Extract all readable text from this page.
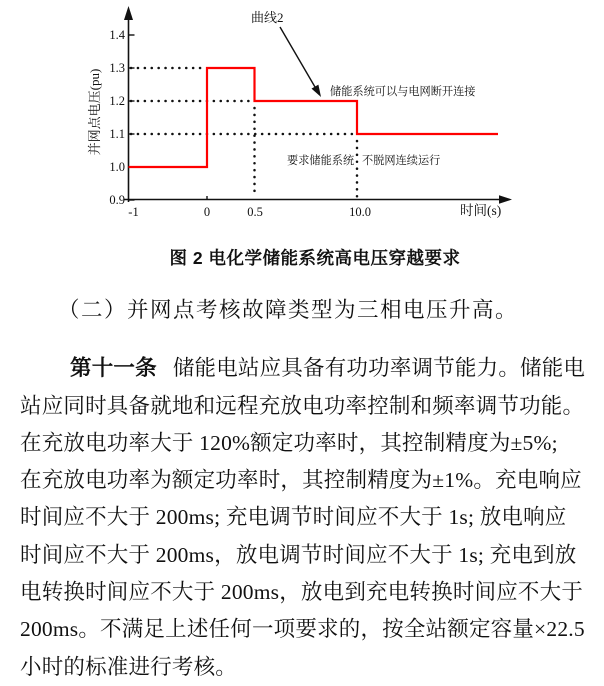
0.9
1.0
1.1
1.2
1.3
1.4
-1	0	0.5	10.0
并网点电压(pu)
时间(s)
曲线2
储能系统可以与电网断开连接
要求储能系统 不脱网连续运行
图 2 电化学储能系统高电压穿越要求

（二）并网点考核故障类型为三相电压升高。

第十一条 储能电站应具备有功功率调节能力。储能电
站应同时具备就地和远程充放电功率控制和频率调节功能。
在充放电功率大于 120%额定功率时，其控制精度为±5%;
在充放电功率为额定功率时，其控制精度为±1%。充电响应
时间应不大于 200ms; 充电调节时间应不大于 1s; 放电响应
时间应不大于 200ms，放电调节时间应不大于 1s; 充电到放
电转换时间应不大于 200ms，放电到充电转换时间应不大于
200ms。不满足上述任何一项要求的，按全站额定容量×22.5
小时的标准进行考核。
